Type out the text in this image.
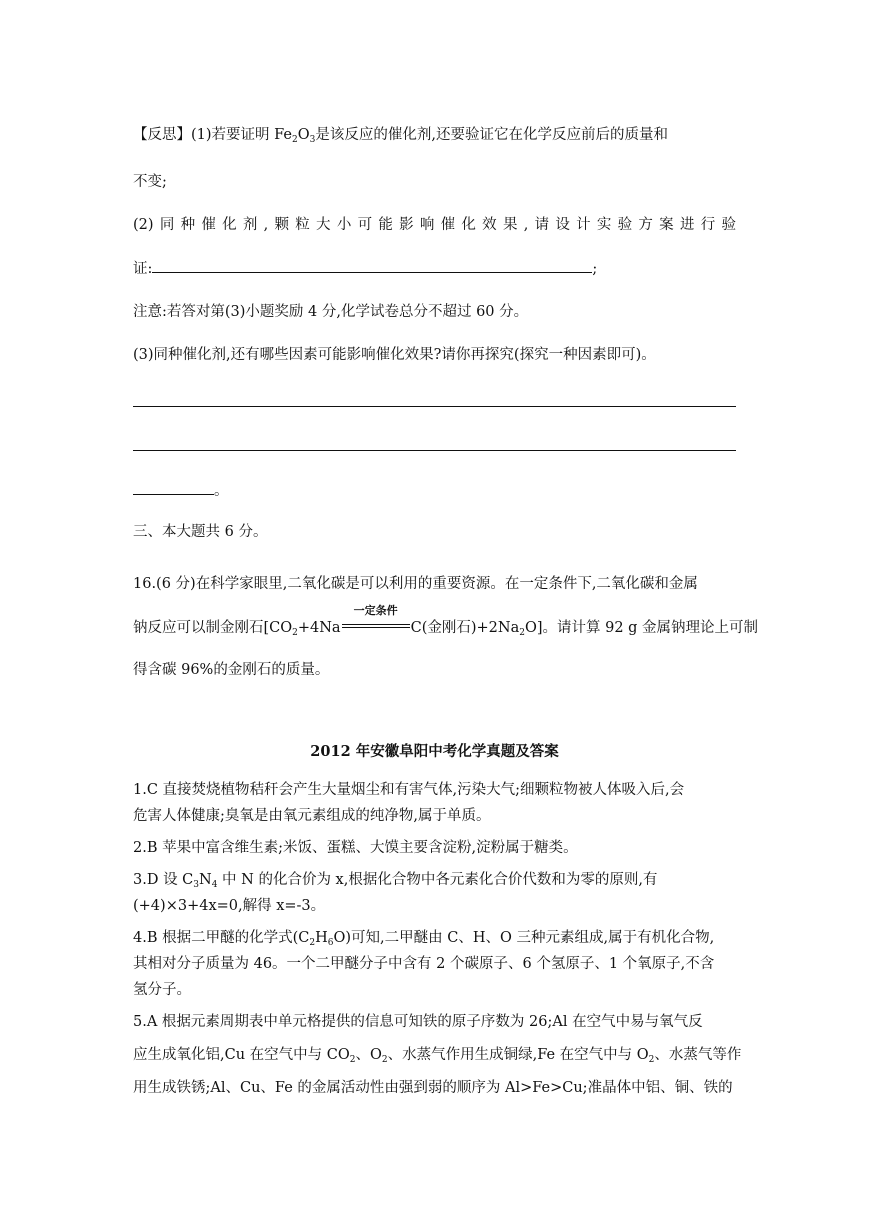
【反思】(1)若要证明 $Fe_2O_3$是该反应的催化剂,还要验证它在化学反应前后的质量和
不变;
(2) 同 种 催 化 剂 , 颗 粒 大 小 可 能 影 响 催 化 效 果 , 请 设 计 实 验 方 案 进 行 验
证:	;
注意:若答对第(3)小题奖励 4 分,化学试卷总分不超过 60 分。
(3)同种催化剂,还有哪些因素可能影响催化效果?请你再探究(探究一种因素即可)。
。
三、本大题共 6 分。
16.(6 分)在科学家眼里,二氧化碳是可以利用的重要资源。在一定条件下,二氧化碳和金属
钠反应可以制金刚石[$CO_2+4Na$
一定条件
C(金刚石)$+2Na_2O$]。请计算 92 g 金属钠理论上可制
得含碳 96%的金刚石的质量。
2012 年安徽阜阳中考化学真题及答案
1.C 直接焚烧植物秸秆会产生大量烟尘和有害气体,污染大气;细颗粒物被人体吸入后,会
危害人体健康;臭氧是由氧元素组成的纯净物,属于单质。
2.B 苹果中富含维生素;米饭、蛋糕、大馍主要含淀粉,淀粉属于糖类。
3.D 设 $C_3N_4$ 中 N 的化合价为 x,根据化合物中各元素化合价代数和为零的原则,有
(+4)×3+4x=0,解得 x=-3。
4.B 根据二甲醚的化学式$(C_2H_6O)$可知,二甲醚由 C、H、O 三种元素组成,属于有机化合物,
其相对分子质量为 46。一个二甲醚分子中含有 2 个碳原子、6 个氢原子、1 个氧原子,不含
氢分子。
5.A 根据元素周期表中单元格提供的信息可知铁的原子序数为 26;Al 在空气中易与氧气反
应生成氧化铝,Cu 在空气中与 $CO_2$、$O_2$、水蒸气作用生成铜绿,Fe 在空气中与 $O_2$、水蒸气等作
用生成铁锈;Al、Cu、Fe 的金属活动性由强到弱的顺序为 Al>Fe>Cu;准晶体中铝、铜、铁的
